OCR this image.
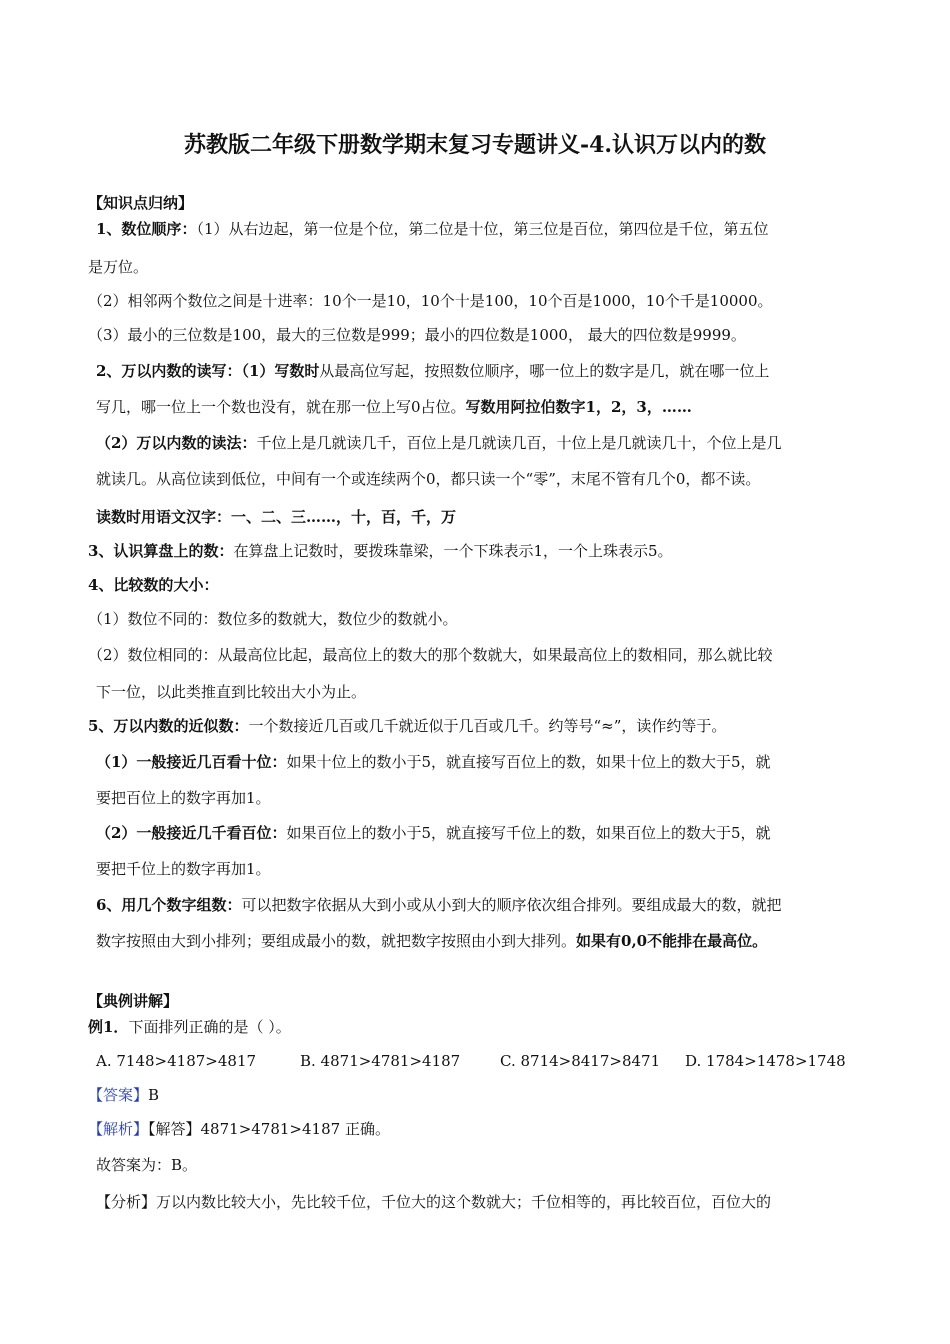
苏教版二年级下册数学期末复习专题讲义-4.认识万以内的数
【知识点归纳】
1、数位顺序：（1）从右边起，第一位是个位，第二位是十位，第三位是百位，第四位是千位，第五位
是万位。
（2）相邻两个数位之间是十进率：10个一是10，10个十是100，10个百是1000，10个千是10000。
（3）最小的三位数是100，最大的三位数是999；最小的四位数是1000， 最大的四位数是9999。
2、万以内数的读写：（1）写数时从最高位写起，按照数位顺序，哪一位上的数字是几，就在哪一位上
写几，哪一位上一个数也没有，就在那一位上写0占位。写数用阿拉伯数字1，2，3，……
（2）万以内数的读法：千位上是几就读几千，百位上是几就读几百，十位上是几就读几十，个位上是几
就读几。从高位读到低位，中间有一个或连续两个0，都只读一个“零”，末尾不管有几个0，都不读。
读数时用语文汉字：一、二、三……，十，百，千，万
3、认识算盘上的数：在算盘上记数时，要拨珠靠梁，一个下珠表示1，一个上珠表示5。
4、比较数的大小：
（1）数位不同的：数位多的数就大，数位少的数就小。
（2）数位相同的：从最高位比起，最高位上的数大的那个数就大，如果最高位上的数相同，那么就比较
下一位，以此类推直到比较出大小为止。
5、万以内数的近似数：一个数接近几百或几千就近似于几百或几千。约等号“≈”，读作约等于。
（1）一般接近几百看十位：如果十位上的数小于5，就直接写百位上的数，如果十位上的数大于5，就
要把百位上的数字再加1。
（2）一般接近几千看百位：如果百位上的数小于5，就直接写千位上的数，如果百位上的数大于5，就
要把千位上的数字再加1。
6、用几个数字组数：可以把数字依据从大到小或从小到大的顺序依次组合排列。要组成最大的数，就把
数字按照由大到小排列；要组成最小的数，就把数字按照由小到大排列。如果有0,0不能排在最高位。
【典例讲解】
例1．下面排列正确的是（ ）。
A. 7148>4187>4817	B. 4871>4781>4187	C. 8714>8417>8471 D. 1784>1478>1748
【答案】B
【解析】【解答】4871>4781>4187 正确。
故答案为：B。
【分析】万以内数比较大小，先比较千位，千位大的这个数就大；千位相等的，再比较百位，百位大的
